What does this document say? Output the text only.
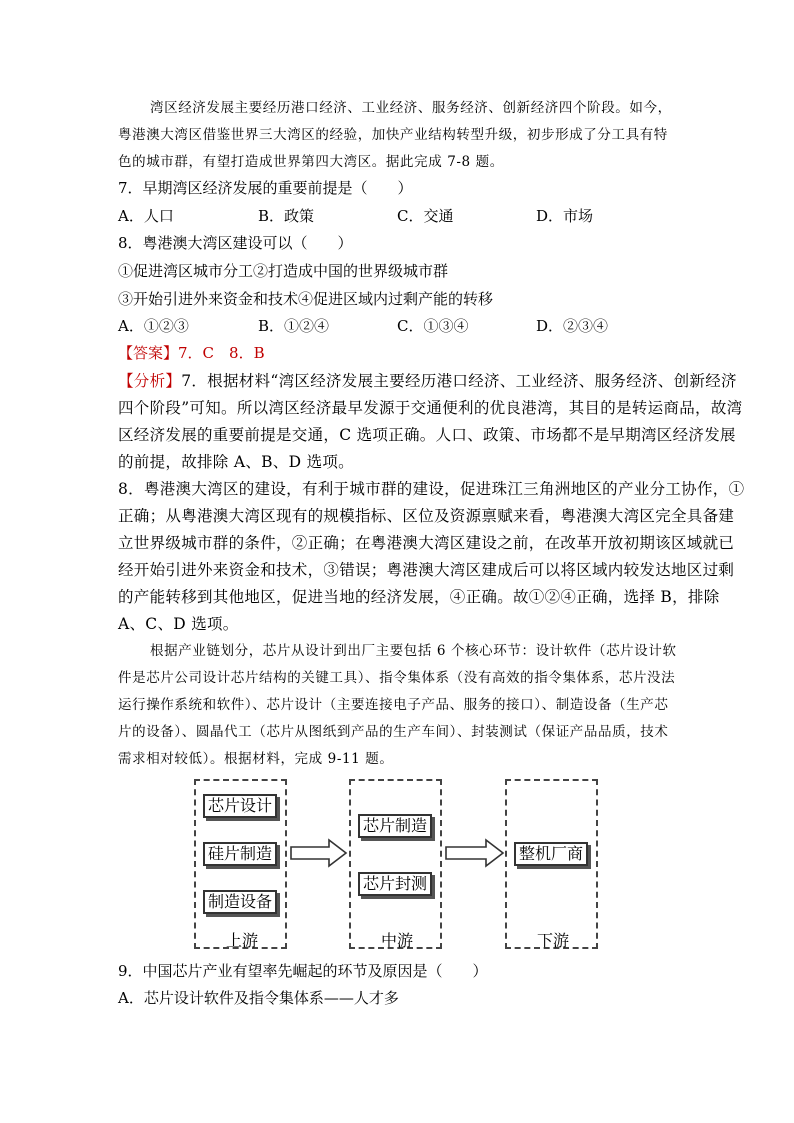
湾区经济发展主要经历港口经济、工业经济、服务经济、创新经济四个阶段。如今，
粤港澳大湾区借鉴世界三大湾区的经验，加快产业结构转型升级，初步形成了分工具有特
色的城市群，有望打造成世界第四大湾区。据此完成 7-8 题。
7．早期湾区经济发展的重要前提是（　　）
A．人口	B．政策	C．交通	D．市场
8．粤港澳大湾区建设可以（　　）
①促进湾区城市分工②打造成中国的世界级城市群
③开始引进外来资金和技术④促进区域内过剩产能的转移
A．①②③	B．①②④	C．①③④	D．②③④
【答案】7．C　8．B
【分析】7．根据材料“湾区经济发展主要经历港口经济、工业经济、服务经济、创新经济
四个阶段”可知。所以湾区经济最早发源于交通便利的优良港湾，其目的是转运商品，故湾
区经济发展的重要前提是交通，C 选项正确。人口、政策、市场都不是早期湾区经济发展
的前提，故排除 A、B、D 选项。
8．粤港澳大湾区的建设，有利于城市群的建设，促进珠江三角洲地区的产业分工协作，①
正确；从粤港澳大湾区现有的规模指标、区位及资源禀赋来看，粤港澳大湾区完全具备建
立世界级城市群的条件，②正确；在粤港澳大湾区建设之前，在改革开放初期该区域就已
经开始引进外来资金和技术，③错误；粤港澳大湾区建成后可以将区域内较发达地区过剩
的产能转移到其他地区，促进当地的经济发展，④正确。故①②④正确，选择 B，排除
A、C、D 选项。
根据产业链划分，芯片从设计到出厂主要包括 6 个核心环节：设计软件（芯片设计软
件是芯片公司设计芯片结构的关键工具）、指令集体系（没有高效的指令集体系，芯片没法
运行操作系统和软件）、芯片设计（主要连接电子产品、服务的接口）、制造设备（生产芯
片的设备）、圆晶代工（芯片从图纸到产品的生产车间）、封装测试（保证产品品质，技术
需求相对较低）。根据材料，完成 9-11 题。
芯片设计
硅片制造
制造设备
上游
芯片制造
芯片封测
中游
整机厂商
下游
9．中国芯片产业有望率先崛起的环节及原因是（　　）
A．芯片设计软件及指令集体系——人才多
